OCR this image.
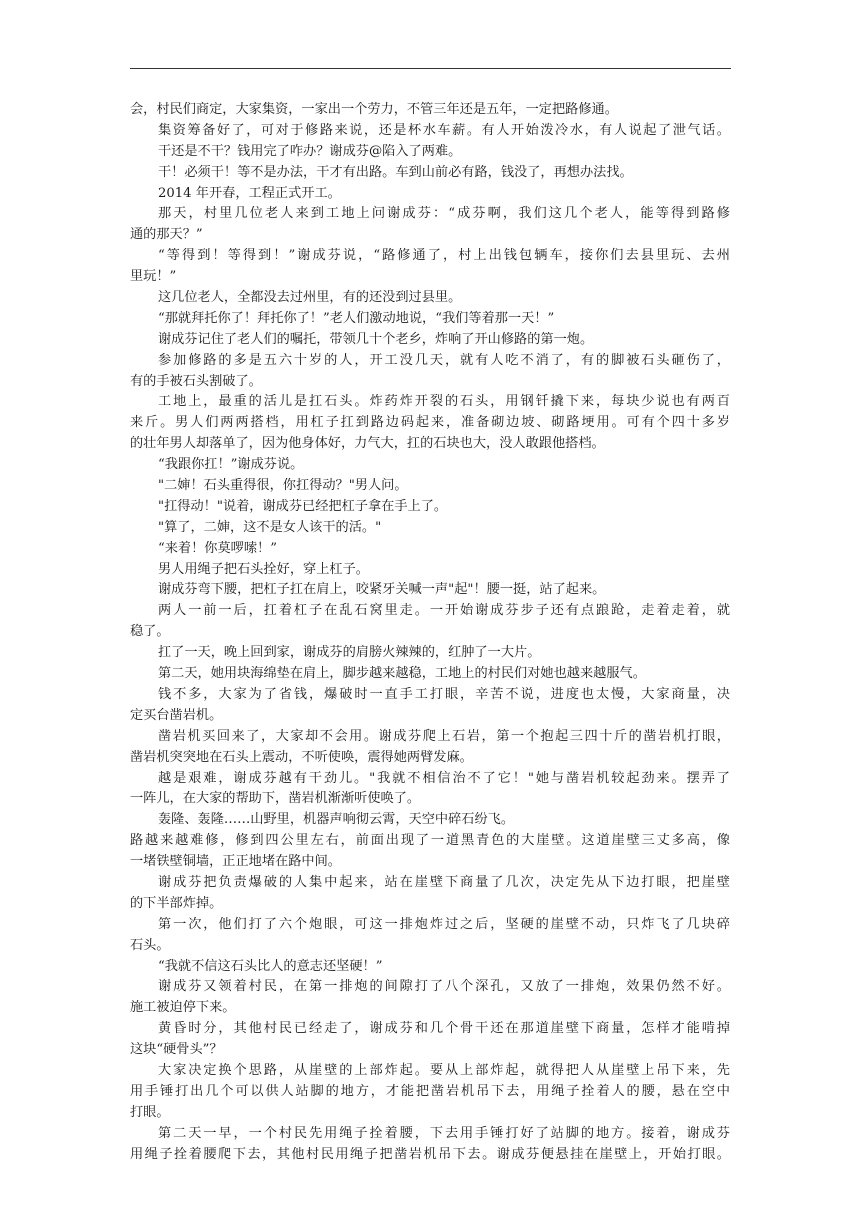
会，村民们商定，大家集资，一家出一个劳力，不管三年还是五年，一定把路修通。
集资筹备好了，可对于修路来说，还是杯水车薪。有人开始泼冷水，有人说起了泄气话。
干还是不干？钱用完了咋办？谢成芬@陷入了两难。
干！必须干！等不是办法，干才有出路。车到山前必有路，钱没了，再想办法找。
2014 年开春，工程正式开工。
那天，村里几位老人来到工地上问谢成芬：“成芬啊，我们这几个老人，能等得到路修
通的那天？”
“等得到！等得到！”谢成芬说，“路修通了，村上出钱包辆车，接你们去县里玩、去州
里玩！”
这几位老人，全都没去过州里，有的还没到过县里。
“那就拜托你了！拜托你了！”老人们激动地说，“我们等着那一天！”
谢成芬记住了老人们的嘱托，带领几十个老乡，炸响了开山修路的第一炮。
参加修路的多是五六十岁的人，开工没几天，就有人吃不消了，有的脚被石头砸伤了，
有的手被石头割破了。
工地上，最重的活儿是扛石头。炸药炸开裂的石头，用钢钎撬下来，每块少说也有两百
来斤。男人们两两搭档，用杠子扛到路边码起来，准备砌边坡、砌路埂用。可有个四十多岁
的壮年男人却落单了，因为他身体好，力气大，扛的石块也大，没人敢跟他搭档。
“我跟你扛！”谢成芬说。
"二婶！石头重得很，你扛得动？"男人问。
"扛得动！"说着，谢成芬已经把杠子拿在手上了。
"算了，二婶，这不是女人该干的活。"
“来着！你莫啰嗦！”
男人用绳子把石头拴好，穿上杠子。
谢成芬弯下腰，把杠子扛在肩上，咬紧牙关喊一声"起"！腰一挺，站了起来。
两人一前一后，扛着杠子在乱石窝里走。一开始谢成芬步子还有点踉跄，走着走着，就
稳了。
扛了一天，晚上回到家，谢成芬的肩膀火辣辣的，红肿了一大片。
第二天，她用块海绵垫在肩上，脚步越来越稳，工地上的村民们对她也越来越服气。
钱不多，大家为了省钱，爆破时一直手工打眼，辛苦不说，进度也太慢，大家商量，决
定买台凿岩机。
凿岩机买回来了，大家却不会用。谢成芬爬上石岩，第一个抱起三四十斤的凿岩机打眼，
凿岩机突突地在石头上震动，不听使唤，震得她两臂发麻。
越是艰难，谢成芬越有干劲儿。"我就不相信治不了它！"她与凿岩机较起劲来。摆弄了
一阵儿，在大家的帮助下，凿岩机渐渐听使唤了。
轰隆、轰隆……山野里，机器声响彻云霄，天空中碎石纷飞。
路越来越难修，修到四公里左右，前面出现了一道黑青色的大崖壁。这道崖壁三丈多高，像
一堵铁壁铜墙，正正地堵在路中间。
谢成芬把负责爆破的人集中起来，站在崖壁下商量了几次，决定先从下边打眼，把崖壁
的下半部炸掉。
第一次，他们打了六个炮眼，可这一排炮炸过之后，坚硬的崖壁不动，只炸飞了几块碎
石头。
“我就不信这石头比人的意志还坚硬！”
谢成芬又领着村民，在第一排炮的间隙打了八个深孔，又放了一排炮，效果仍然不好。
施工被迫停下来。
黄昏时分，其他村民已经走了，谢成芬和几个骨干还在那道崖壁下商量，怎样才能啃掉
这块“硬骨头”？
大家决定换个思路，从崖壁的上部炸起。要从上部炸起，就得把人从崖壁上吊下来，先
用手锤打出几个可以供人站脚的地方，才能把凿岩机吊下去，用绳子拴着人的腰，悬在空中
打眼。
第二天一早，一个村民先用绳子拴着腰，下去用手锤打好了站脚的地方。接着，谢成芬
用绳子拴着腰爬下去，其他村民用绳子把凿岩机吊下去。谢成芬便悬挂在崖壁上，开始打眼。
